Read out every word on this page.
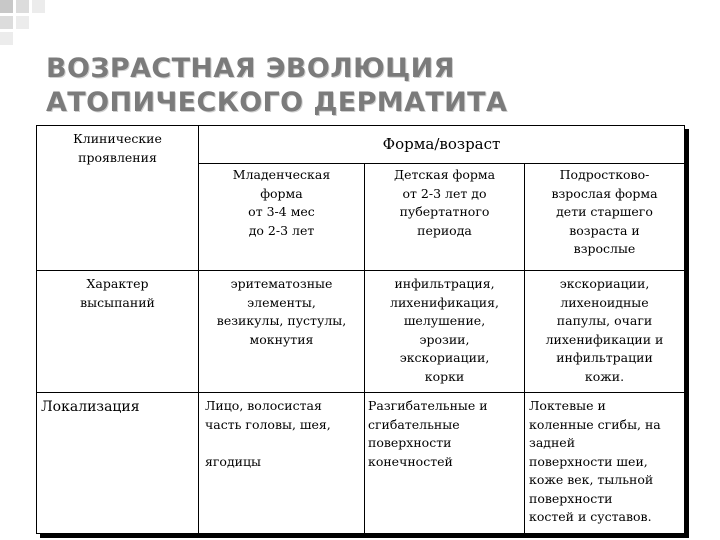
ВОЗРАСТНАЯ ЭВОЛЮЦИЯ
АТОПИЧЕСКОГО ДЕРМАТИТА
Клинические
проявления
Форма/возраст
Младенческая
форма
от 3-4 мес
до 2-3 лет
Детская форма
от 2-3 лет до
пубертатного
периода
Подростково-
взрослая форма
дети старшего
возраста и
взрослые
Характер
высыпаний
эритематозные
элементы,
везикулы, пустулы,
мокнутия
инфильтрация,
лихенификация,
шелушение,
эрозии,
экскориации,
корки
экскориации,
лихеноидные
папулы, очаги
лихенификации и
инфильтрации
кожи.
Локализация	Лицо, волосистая
часть головы, шея,

ягодицы
Разгибательные и
сгибательные
поверхности
конечностей
Локтевые и
коленные сгибы, на
задней
поверхности шеи,
коже век, тыльной
поверхности
костей и суставов.
